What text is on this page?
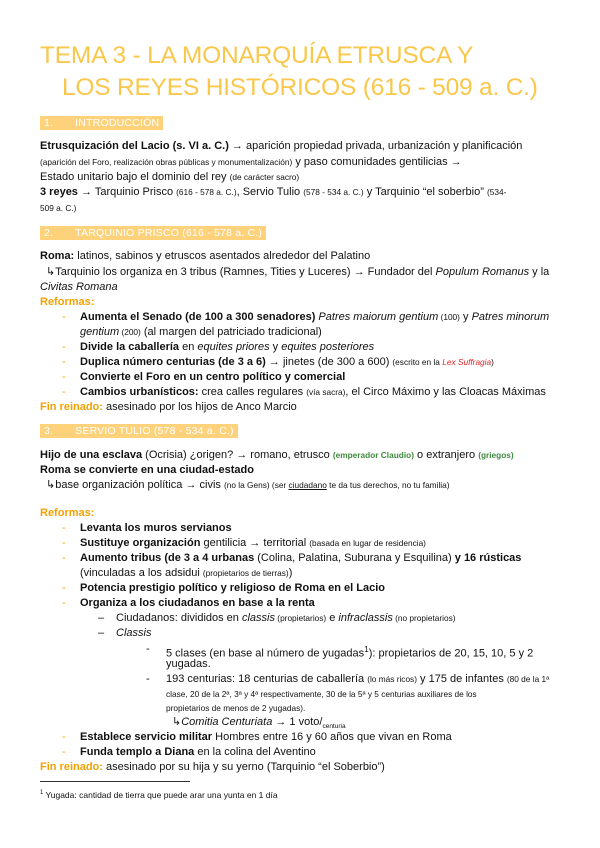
TEMA 3 - LA MONARQUÍA ETRUSCA Y
LOS REYES HISTÓRICOS (616 - 509 a. C.)
1. INTRODUCCIÓN
Etrusquización del Lacio (s. VI a. C.) → aparición propiedad privada, urbanización y planificación
(aparición del Foro, realización obras públicas y monumentalización) y paso comunidades gentilicias →
Estado unitario bajo el dominio del rey (de carácter sacro)
3 reyes → Tarquinio Prisco (616 - 578 a. C.), Servio Tulio (578 - 534 a. C.) y Tarquinio “el soberbio” (534-
509 a. C.)
2. TARQUINIO PRISCO (616 - 578 a. C.)
Roma: latinos, sabinos y etruscos asentados alrededor del Palatino
↳Tarquinio los organiza en 3 tribus (Ramnes, Tities y Luceres) → Fundador del Populum Romanus y la
Civitas Romana
Reformas:
- Aumenta el Senado (de 100 a 300 senadores) Patres maiorum gentium (100) y Patres minorum
gentium (200) (al margen del patriciado tradicional)
- Divide la caballería en equites priores y equites posteriores
- Duplica número centurias (de 3 a 6) → jinetes (de 300 a 600) (escrito en la Lex Suffragia)
- Convierte el Foro en un centro político y comercial
- Cambios urbanísticos: crea calles regulares (vía sacra), el Circo Máximo y las Cloacas Máximas
Fin reinado: asesinado por los hijos de Anco Marcio
3. SERVIO TULIO (578 - 534 a. C.)
Hijo de una esclava (Ocrisia) ¿origen? → romano, etrusco (emperador Claudio) o extranjero (griegos)
Roma se convierte en una ciudad-estado
↳base organización política → civis (no la Gens) (ser ciudadano te da tus derechos, no tu familia)
Reformas:
- Levanta los muros servianos
- Sustituye organización gentilicia → territorial (basada en lugar de residencia)
- Aumento tribus (de 3 a 4 urbanas (Colina, Palatina, Suburana y Esquilina) y 16 rústicas
(vinculadas a los adsidui (propietarios de tierras))
- Potencia prestigio político y religioso de Roma en el Lacio
- Organiza a los ciudadanos en base a la renta
– Ciudadanos: divididos en classis (propietarios) e infraclassis (no propietarios)
– Classis
- 5 clases (en base al número de yugadas$^1$): propietarios de 20, 15, 10, 5 y 2
yugadas.
- 193 centurias: 18 centurias de caballería (lo más ricos) y 175 de infantes (80 de la 1ª
clase, 20 de la 2ª, 3ª y 4ª respectivamente, 30 de la 5ª y 5 centurias auxiliares de los
propietarios de menos de 2 yugadas).
↳Comitia Centuriata → 1 voto/$_{centuria}$
- Establece servicio militar Hombres entre 16 y 60 años que vivan en Roma
- Funda templo a Diana en la colina del Aventino
Fin reinado: asesinado por su hija y su yerno (Tarquinio “el Soberbio”)
$^1$ Yugada: cantidad de tierra que puede arar una yunta en 1 día
